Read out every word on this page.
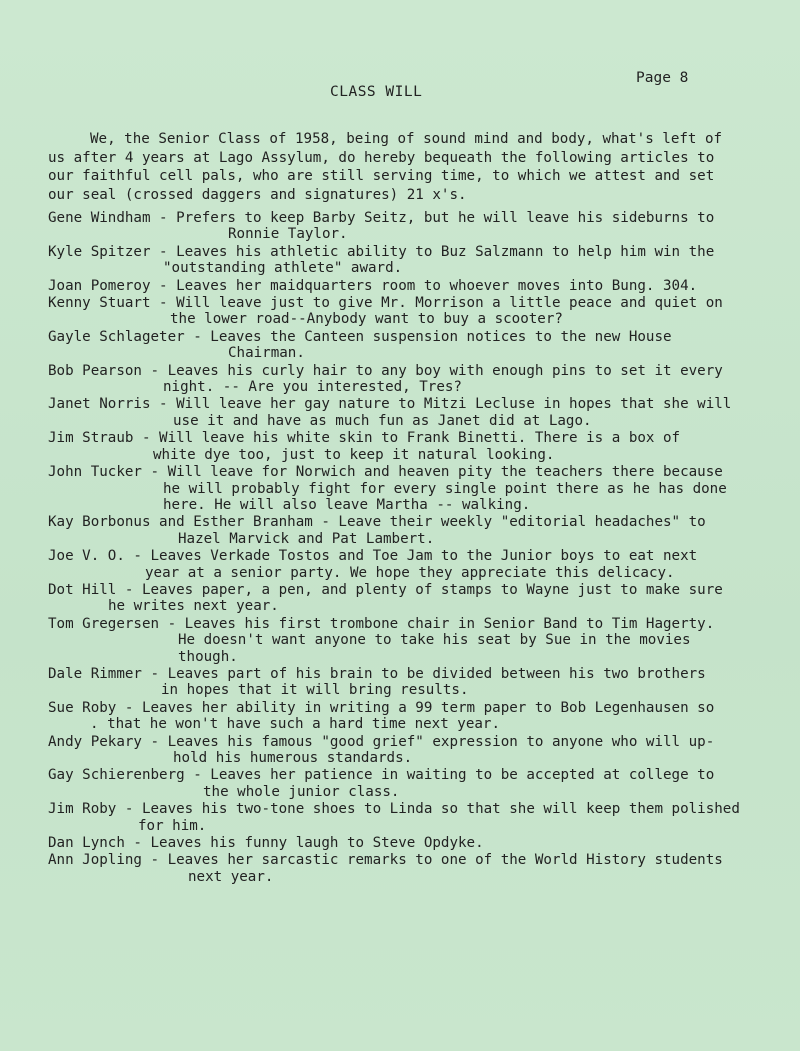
Page 8
CLASS WILL
We, the Senior Class of 1958, being of sound mind and body, what's left of
us after 4 years at Lago Assylum, do hereby bequeath the following articles to
our faithful cell pals, who are still serving time, to which we attest and set
our seal (crossed daggers and signatures) 21 x's.
Gene Windham - Prefers to keep Barby Seitz, but he will leave his sideburns to
Ronnie Taylor.
Kyle Spitzer - Leaves his athletic ability to Buz Salzmann to help him win the
"outstanding athlete" award.
Joan Pomeroy - Leaves her maidquarters room to whoever moves into Bung. 304.
Kenny Stuart - Will leave just to give Mr. Morrison a little peace and quiet on
the lower road--Anybody want to buy a scooter?
Gayle Schlageter - Leaves the Canteen suspension notices to the new House
Chairman.
Bob Pearson - Leaves his curly hair to any boy with enough pins to set it every
night. -- Are you interested, Tres?
Janet Norris - Will leave her gay nature to Mitzi Lecluse in hopes that she will
use it and have as much fun as Janet did at Lago.
Jim Straub - Will leave his white skin to Frank Binetti. There is a box of
white dye too, just to keep it natural looking.
John Tucker - Will leave for Norwich and heaven pity the teachers there because
he will probably fight for every single point there as he has done
here. He will also leave Martha -- walking.
Kay Borbonus and Esther Branham - Leave their weekly "editorial headaches" to
Hazel Marvick and Pat Lambert.
Joe V. O. - Leaves Verkade Tostos and Toe Jam to the Junior boys to eat next
year at a senior party. We hope they appreciate this delicacy.
Dot Hill - Leaves paper, a pen, and plenty of stamps to Wayne just to make sure
he writes next year.
Tom Gregersen - Leaves his first trombone chair in Senior Band to Tim Hagerty.
He doesn't want anyone to take his seat by Sue in the movies
though.
Dale Rimmer - Leaves part of his brain to be divided between his two brothers
in hopes that it will bring results.
Sue Roby - Leaves her ability in writing a 99 term paper to Bob Legenhausen so
. that he won't have such a hard time next year.
Andy Pekary - Leaves his famous "good grief" expression to anyone who will up-
hold his humerous standards.
Gay Schierenberg - Leaves her patience in waiting to be accepted at college to
the whole junior class.
Jim Roby - Leaves his two-tone shoes to Linda so that she will keep them polished
for him.
Dan Lynch - Leaves his funny laugh to Steve Opdyke.
Ann Jopling - Leaves her sarcastic remarks to one of the World History students
next year.
